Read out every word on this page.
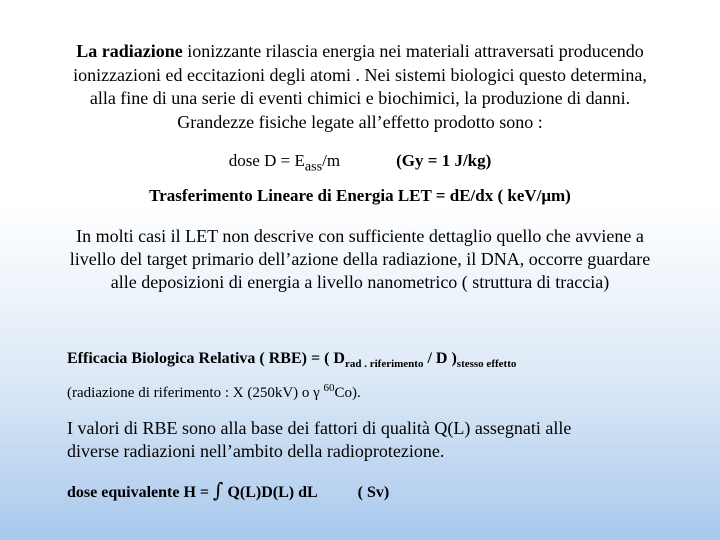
La radiazione ionizzante rilascia energia nei materiali attraversati producendo
ionizzazioni ed eccitazioni degli atomi . Nei sistemi biologici questo determina,
alla fine di una serie di eventi chimici e biochimici, la produzione di danni.
Grandezze fisiche legate all’effetto prodotto sono :
dose $D = E_{ass}/m$	(Gy = 1 J/kg)
Trasferimento Lineare di Energia LET = dE/dx ( keV/μm)
In molti casi il LET non descrive con sufficiente dettaglio quello che avviene a
livello del target primario dell’azione della radiazione, il DNA, occorre guardare
alle deposizioni di energia a livello nanometrico ( struttura di traccia)
Efficacia Biologica Relativa ( RBE) = ( $D_{rad . riferimento}$ / D )$_{stesso effetto}$
(radiazione di riferimento : X (250kV) o γ $^{60}$Co).
I valori di RBE sono alla base dei fattori di qualità Q(L) assegnati alle
diverse radiazioni nell’ambito della radioprotezione.
dose equivalente H = ∫ Q(L)D(L) dL	( Sv)
